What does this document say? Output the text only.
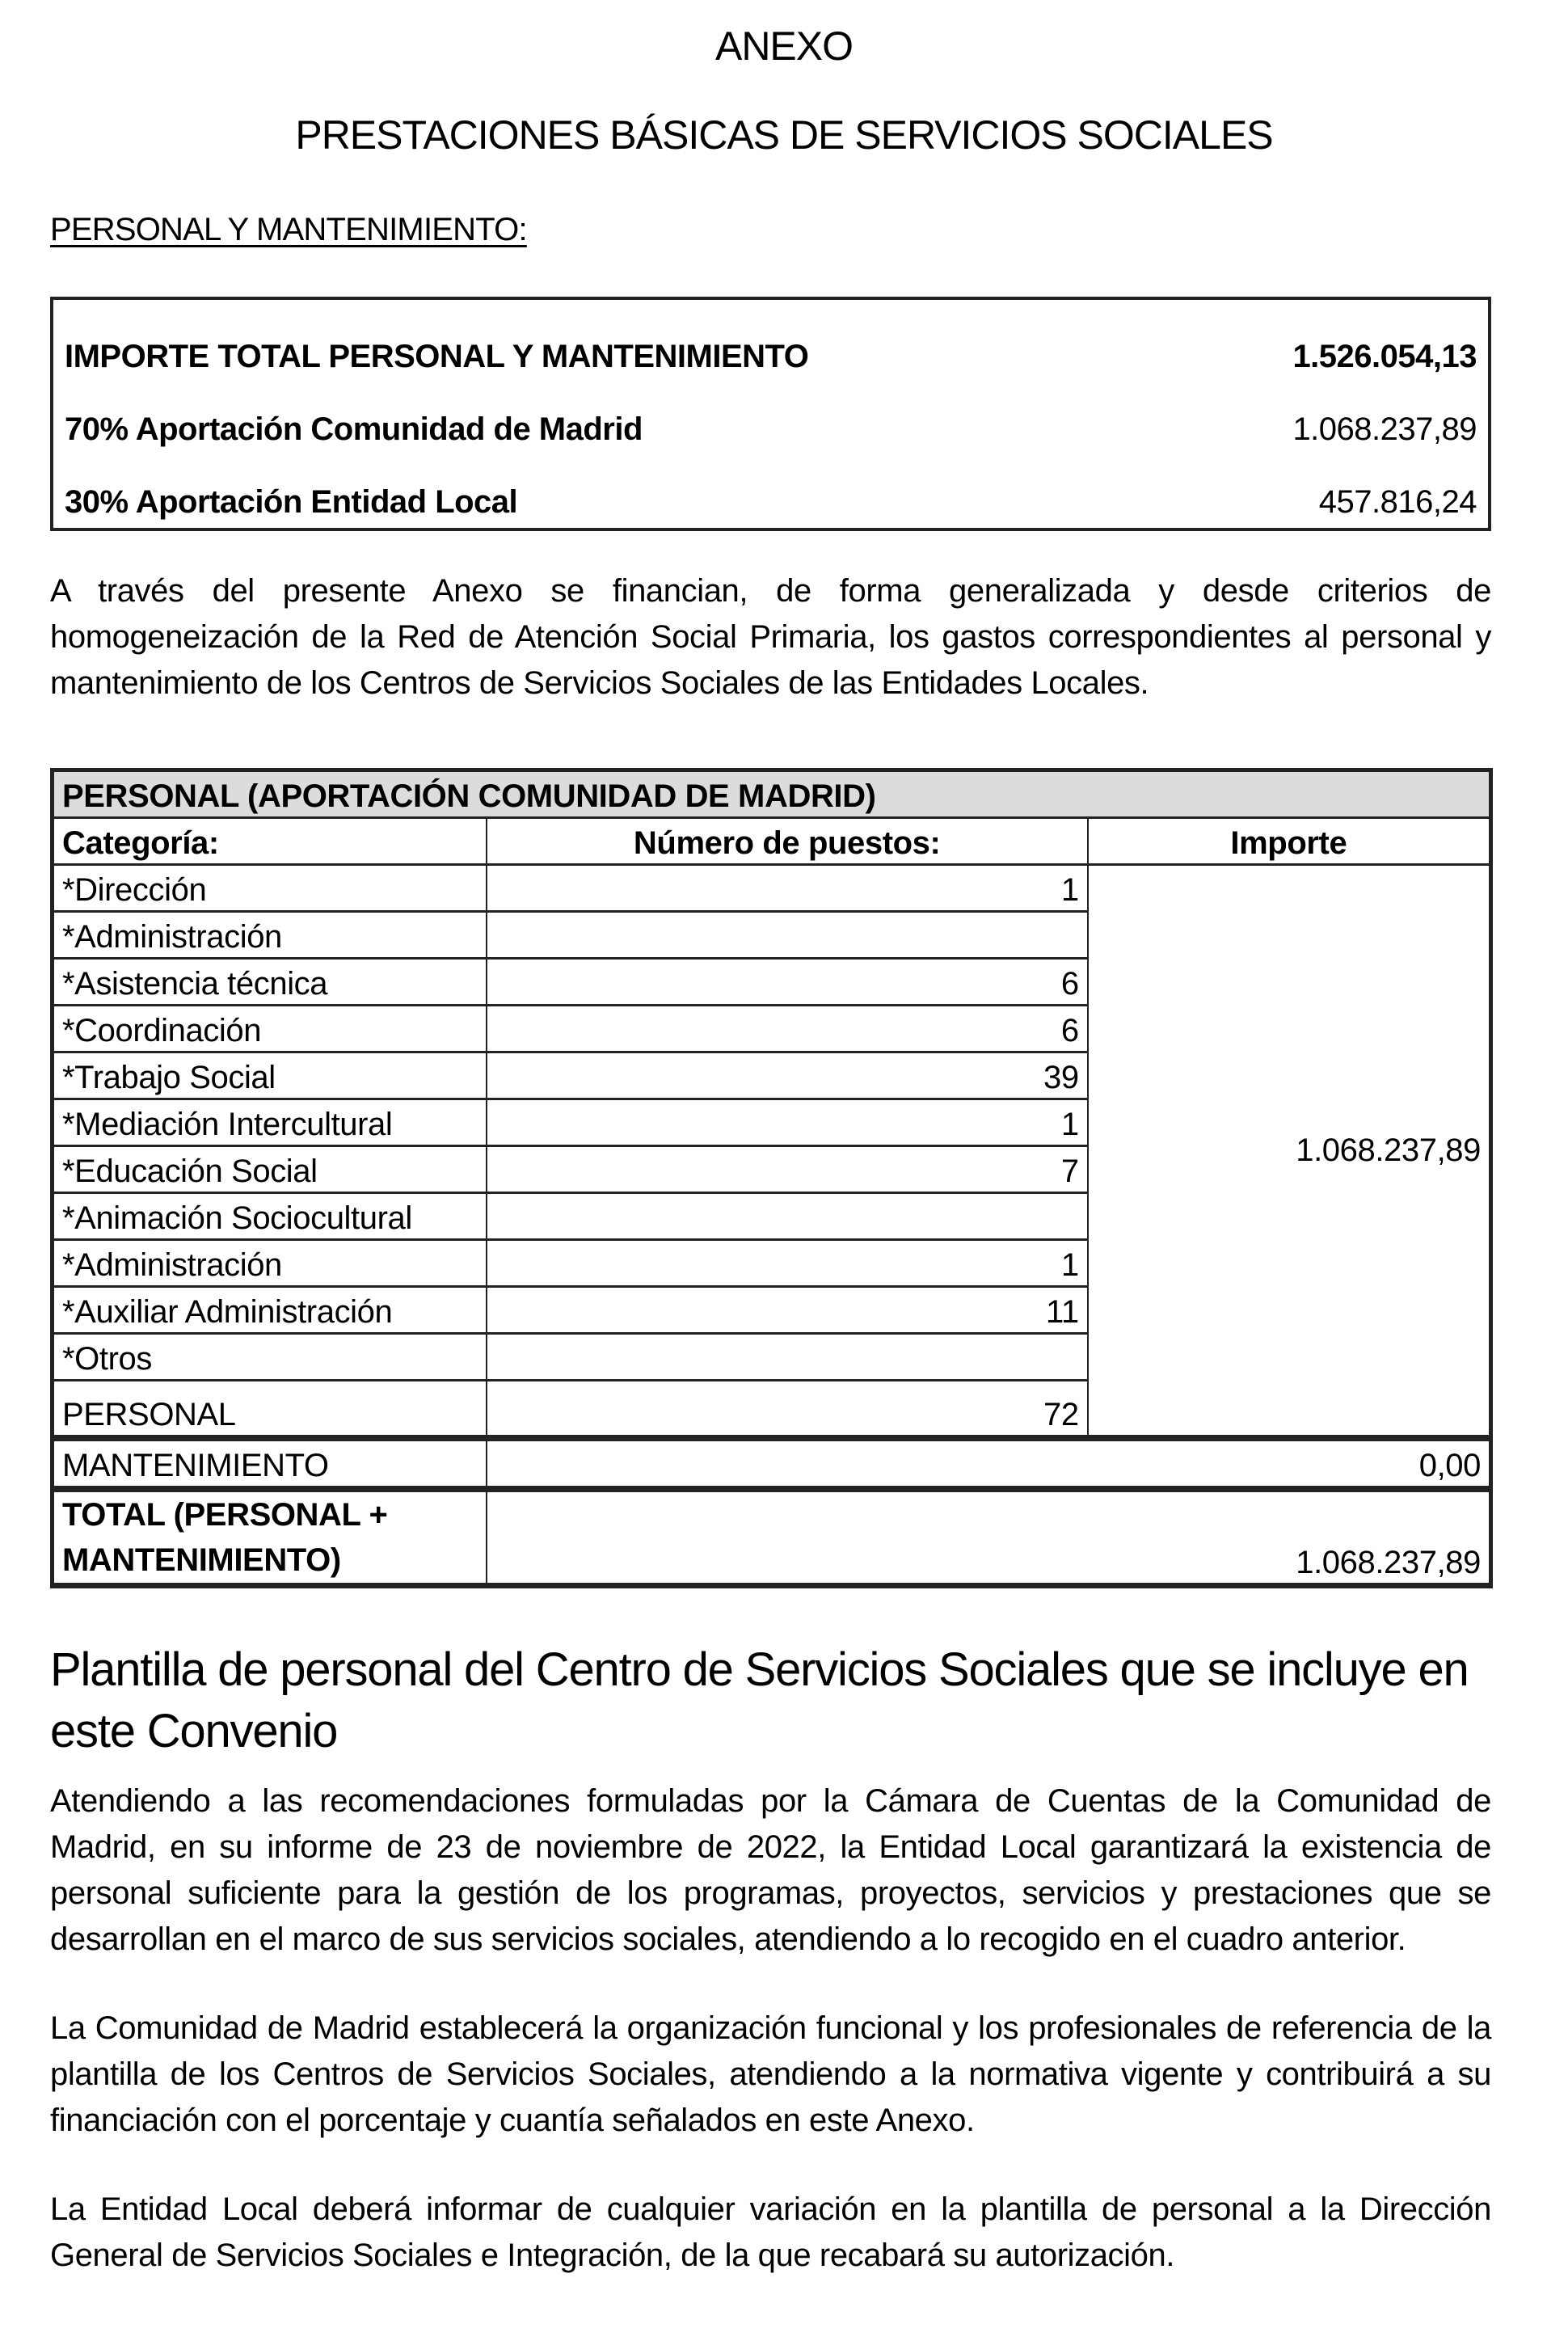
ANEXO
PRESTACIONES BÁSICAS DE SERVICIOS SOCIALES
PERSONAL Y MANTENIMIENTO:
IMPORTE TOTAL PERSONAL Y MANTENIMIENTO	1.526.054,13
70% Aportación Comunidad de Madrid	1.068.237,89
30% Aportación Entidad Local	457.816,24
A través del presente Anexo se financian, de forma generalizada y desde criterios de homogeneización de la Red de Atención Social Primaria, los gastos correspondientes al personal y mantenimiento de los Centros de Servicios Sociales de las Entidades Locales.
PERSONAL (APORTACIÓN COMUNIDAD DE MADRID)		
Categoría:	Número de puestos:	Importe
*Dirección	1	1.068.237,89
*Administración		
*Asistencia técnica	6	
*Coordinación	6	
*Trabajo Social	39	
*Mediación Intercultural	1	
*Educación Social	7	
*Animación Sociocultural		
*Administración	1	
*Auxiliar Administración	11	
*Otros		
PERSONAL	72	
MANTENIMIENTO	0,00	

TOTAL (PERSONAL +
MANTENIMIENTO)	1.068.237,89	
Plantilla de personal del Centro de Servicios Sociales que se incluye en este Convenio
Atendiendo a las recomendaciones formuladas por la Cámara de Cuentas de la Comunidad de Madrid, en su informe de 23 de noviembre de 2022, la Entidad Local garantizará la existencia de personal suficiente para la gestión de los programas, proyectos, servicios y prestaciones que se desarrollan en el marco de sus servicios sociales, atendiendo a lo recogido en el cuadro anterior.
La Comunidad de Madrid establecerá la organización funcional y los profesionales de referencia de la plantilla de los Centros de Servicios Sociales, atendiendo a la normativa vigente y contribuirá a su financiación con el porcentaje y cuantía señalados en este Anexo.
La Entidad Local deberá informar de cualquier variación en la plantilla de personal a la Dirección General de Servicios Sociales e Integración, de la que recabará su autorización.
